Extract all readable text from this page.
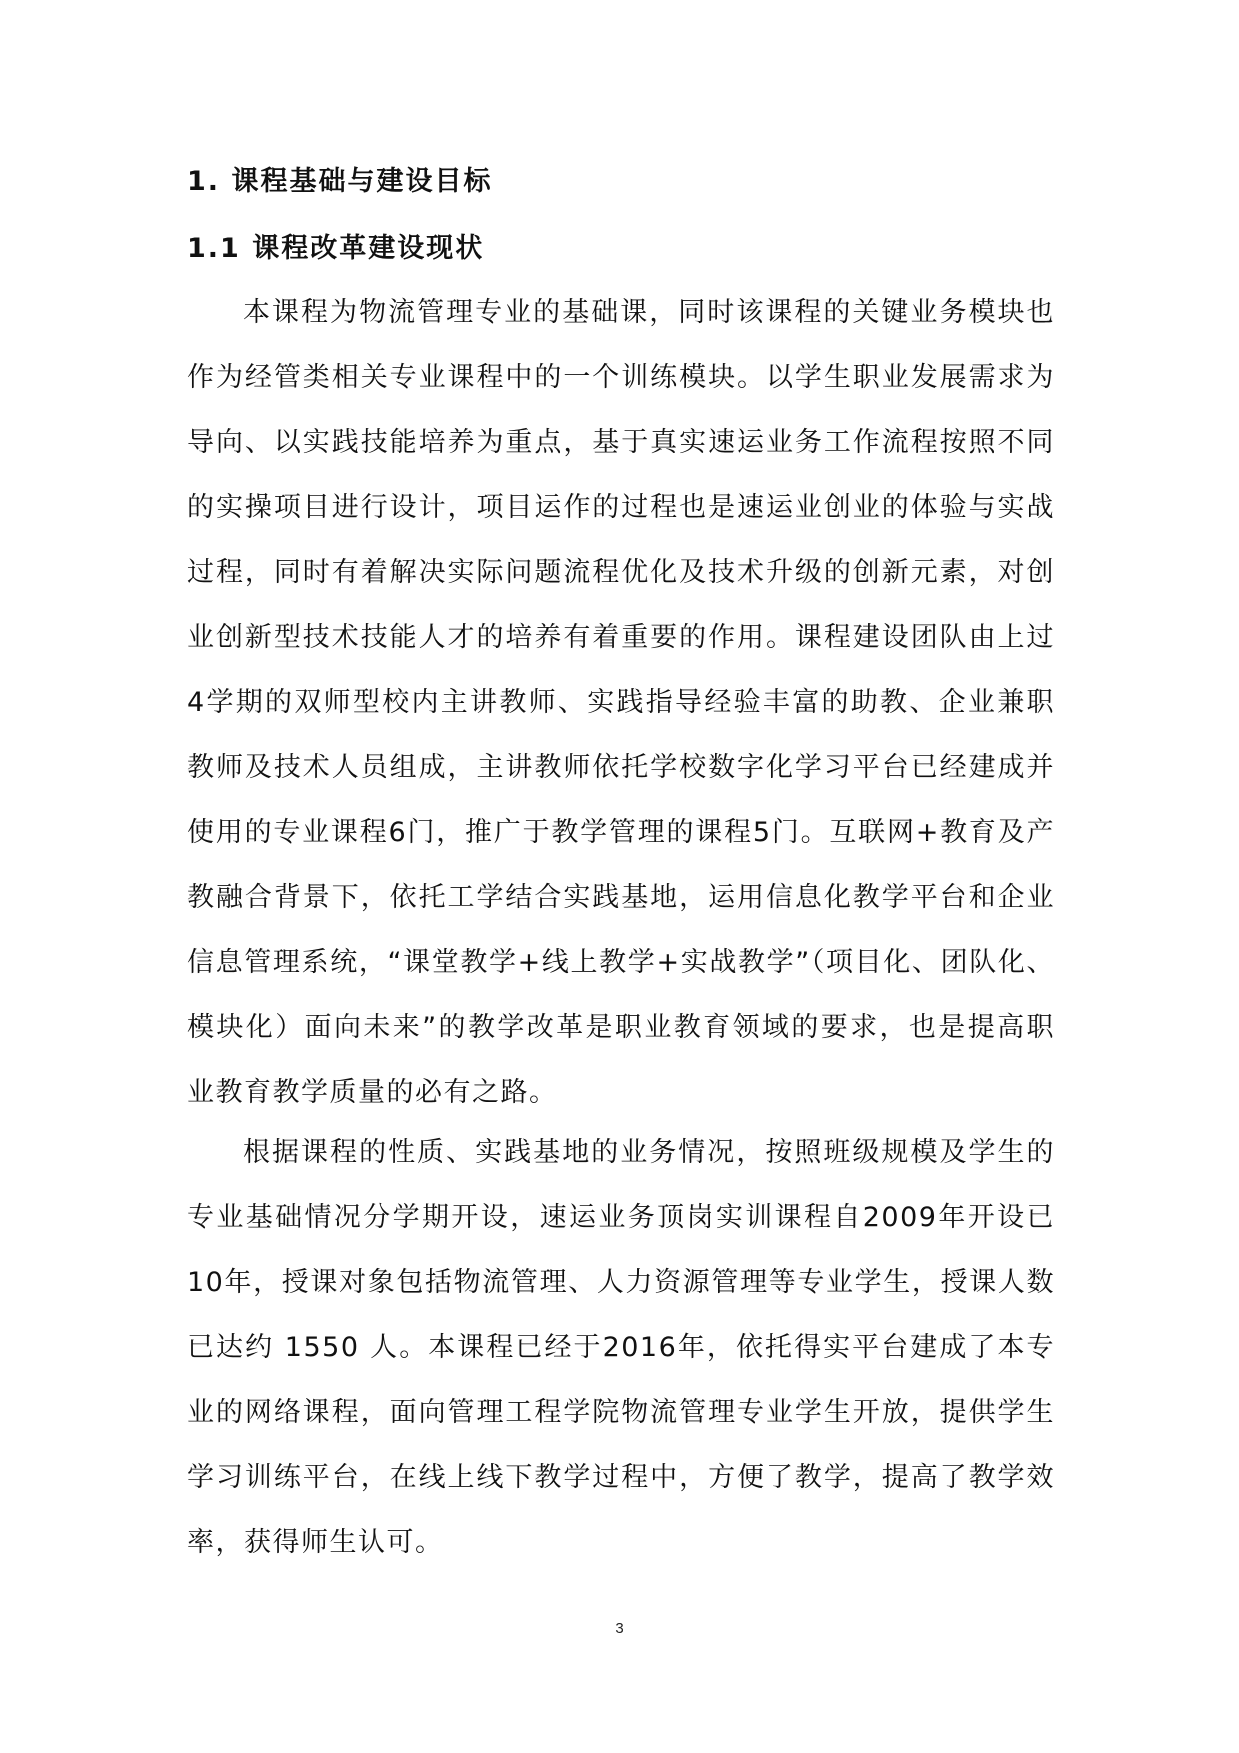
1. 课程基础与建设目标
1.1 课程改革建设现状

本课程为物流管理专业的基础课，同时该课程的关键业务模块也作为经管类相关专业课程中的一个训练模块。以学生职业发展需求为导向、以实践技能培养为重点，基于真实速运业务工作流程按照不同的实操项目进行设计，项目运作的过程也是速运业创业的体验与实战过程，同时有着解决实际问题流程优化及技术升级的创新元素，对创业创新型技术技能人才的培养有着重要的作用。课程建设团队由上过4学期的双师型校内主讲教师、实践指导经验丰富的助教、企业兼职教师及技术人员组成，主讲教师依托学校数字化学习平台已经建成并使用的专业课程6门，推广于教学管理的课程5门。互联网+教育及产教融合背景下，依托工学结合实践基地，运用信息化教学平台和企业信息管理系统，“课堂教学+线上教学+实战教学”（项目化、团队化、模块化）面向未来”的教学改革是职业教育领域的要求，也是提高职业教育教学质量的必有之路。

根据课程的性质、实践基地的业务情况，按照班级规模及学生的专业基础情况分学期开设，速运业务顶岗实训课程自2009年开设已10年，授课对象包括物流管理、人力资源管理等专业学生，授课人数已达约 1550 人。本课程已经于2016年，依托得实平台建成了本专业的网络课程，面向管理工程学院物流管理专业学生开放，提供学生学习训练平台，在线上线下教学过程中，方便了教学，提高了教学效率，获得师生认可。

3
